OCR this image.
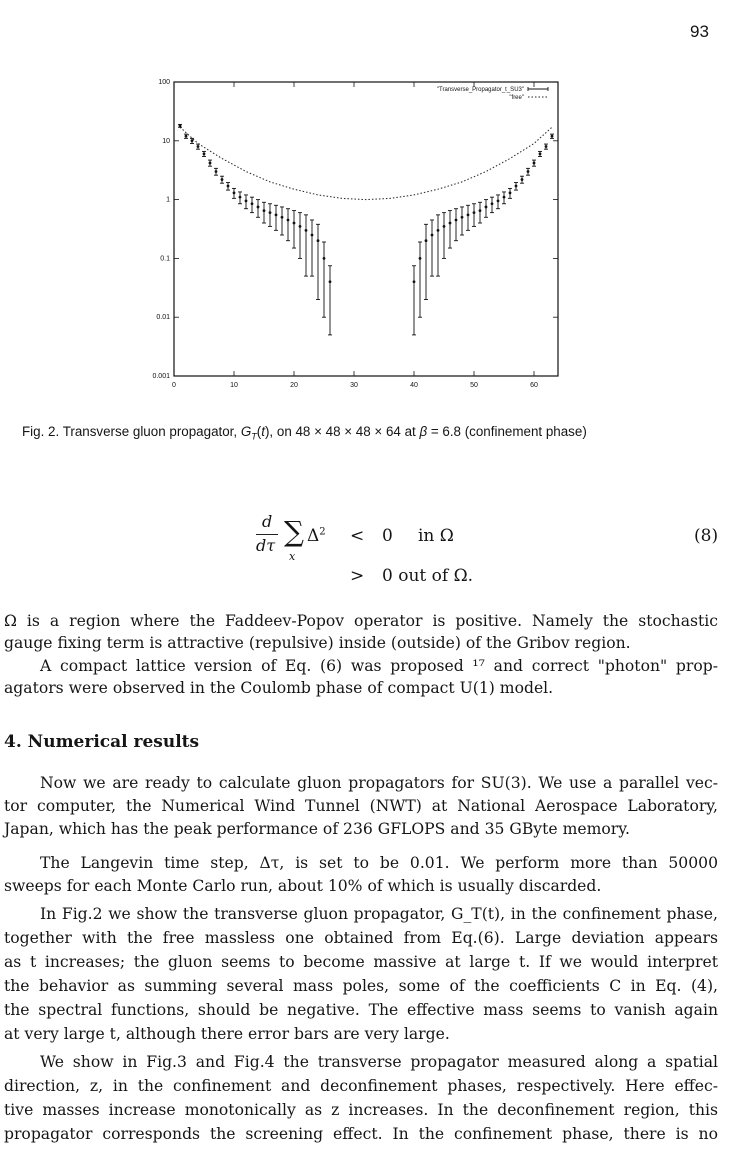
93
100
10
1
0.1
0.01
0.001
0	10	20	30	40	50	60
"Transverse_Propagator_t_SU3"
"free"
Fig. 2. Transverse gluon propagator, $G_T(t)$, on 48 × 48 × 48 × 64 at β = 6.8 (confinement phase)
d
dτ ∑
x
$\Delta^2 < 0$ in Ω	(8)
> 0 out of Ω.
Ω is a region where the Faddeev-Popov operator is positive. Namely the stochastic
gauge fixing term is attractive (repulsive) inside (outside) of the Gribov region.
A compact lattice version of Eq. (6) was proposed ¹⁷ and correct "photon" prop-
agators were observed in the Coulomb phase of compact U(1) model.
4. Numerical results
Now we are ready to calculate gluon propagators for SU(3). We use a parallel vec-
tor computer, the Numerical Wind Tunnel (NWT) at National Aerospace Laboratory,
Japan, which has the peak performance of 236 GFLOPS and 35 GByte memory.
The Langevin time step, Δτ, is set to be 0.01. We perform more than 50000
sweeps for each Monte Carlo run, about 10% of which is usually discarded.
In Fig.2 we show the transverse gluon propagator, G_T(t), in the confinement phase,
together with the free massless one obtained from Eq.(6). Large deviation appears
as t increases; the gluon seems to become massive at large t. If we would interpret
the behavior as summing several mass poles, some of the coefficients C in Eq. (4),
the spectral functions, should be negative. The effective mass seems to vanish again
at very large t, although there error bars are very large.
We show in Fig.3 and Fig.4 the transverse propagator measured along a spatial
direction, z, in the confinement and deconfinement phases, respectively. Here effec-
tive masses increase monotonically as z increases. In the deconfinement region, this
propagator corresponds the screening effect. In the confinement phase, there is no
